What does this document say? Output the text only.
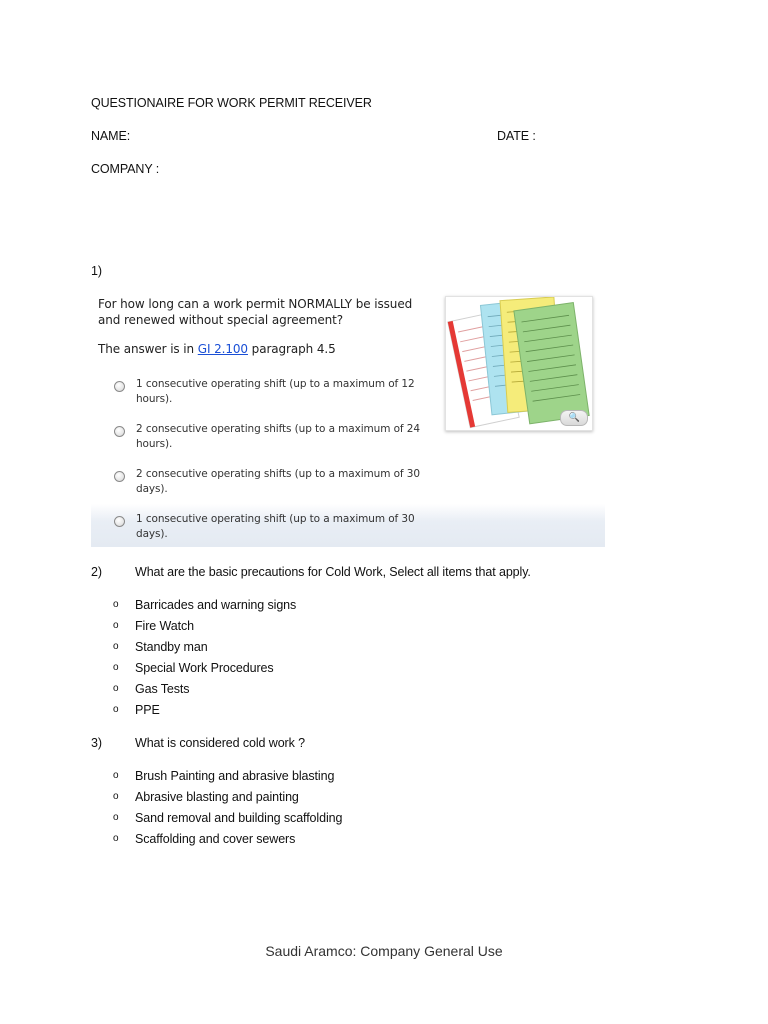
QUESTIONAIRE FOR WORK PERMIT RECEIVER
NAME:	DATE :
COMPANY :
1)
For how long can a work permit NORMALLY be issued and renewed without special agreement?
The answer is in GI 2.100 paragraph 4.5
1 consecutive operating shift (up to a maximum of 12 hours).
2 consecutive operating shifts (up to a maximum of 24 hours).
2 consecutive operating shifts (up to a maximum of 30 days).
1 consecutive operating shift (up to a maximum of 30 days).
🔍
2)	What are the basic precautions for Cold Work, Select all items that apply.
o Barricades and warning signs
o Fire Watch
o Standby man
o Special Work Procedures
o Gas Tests
o PPE
3)	What is considered cold work ?
o Brush Painting and abrasive blasting
o Abrasive blasting and painting
o Sand removal and building scaffolding
o Scaffolding and cover sewers
Saudi Aramco: Company General Use
